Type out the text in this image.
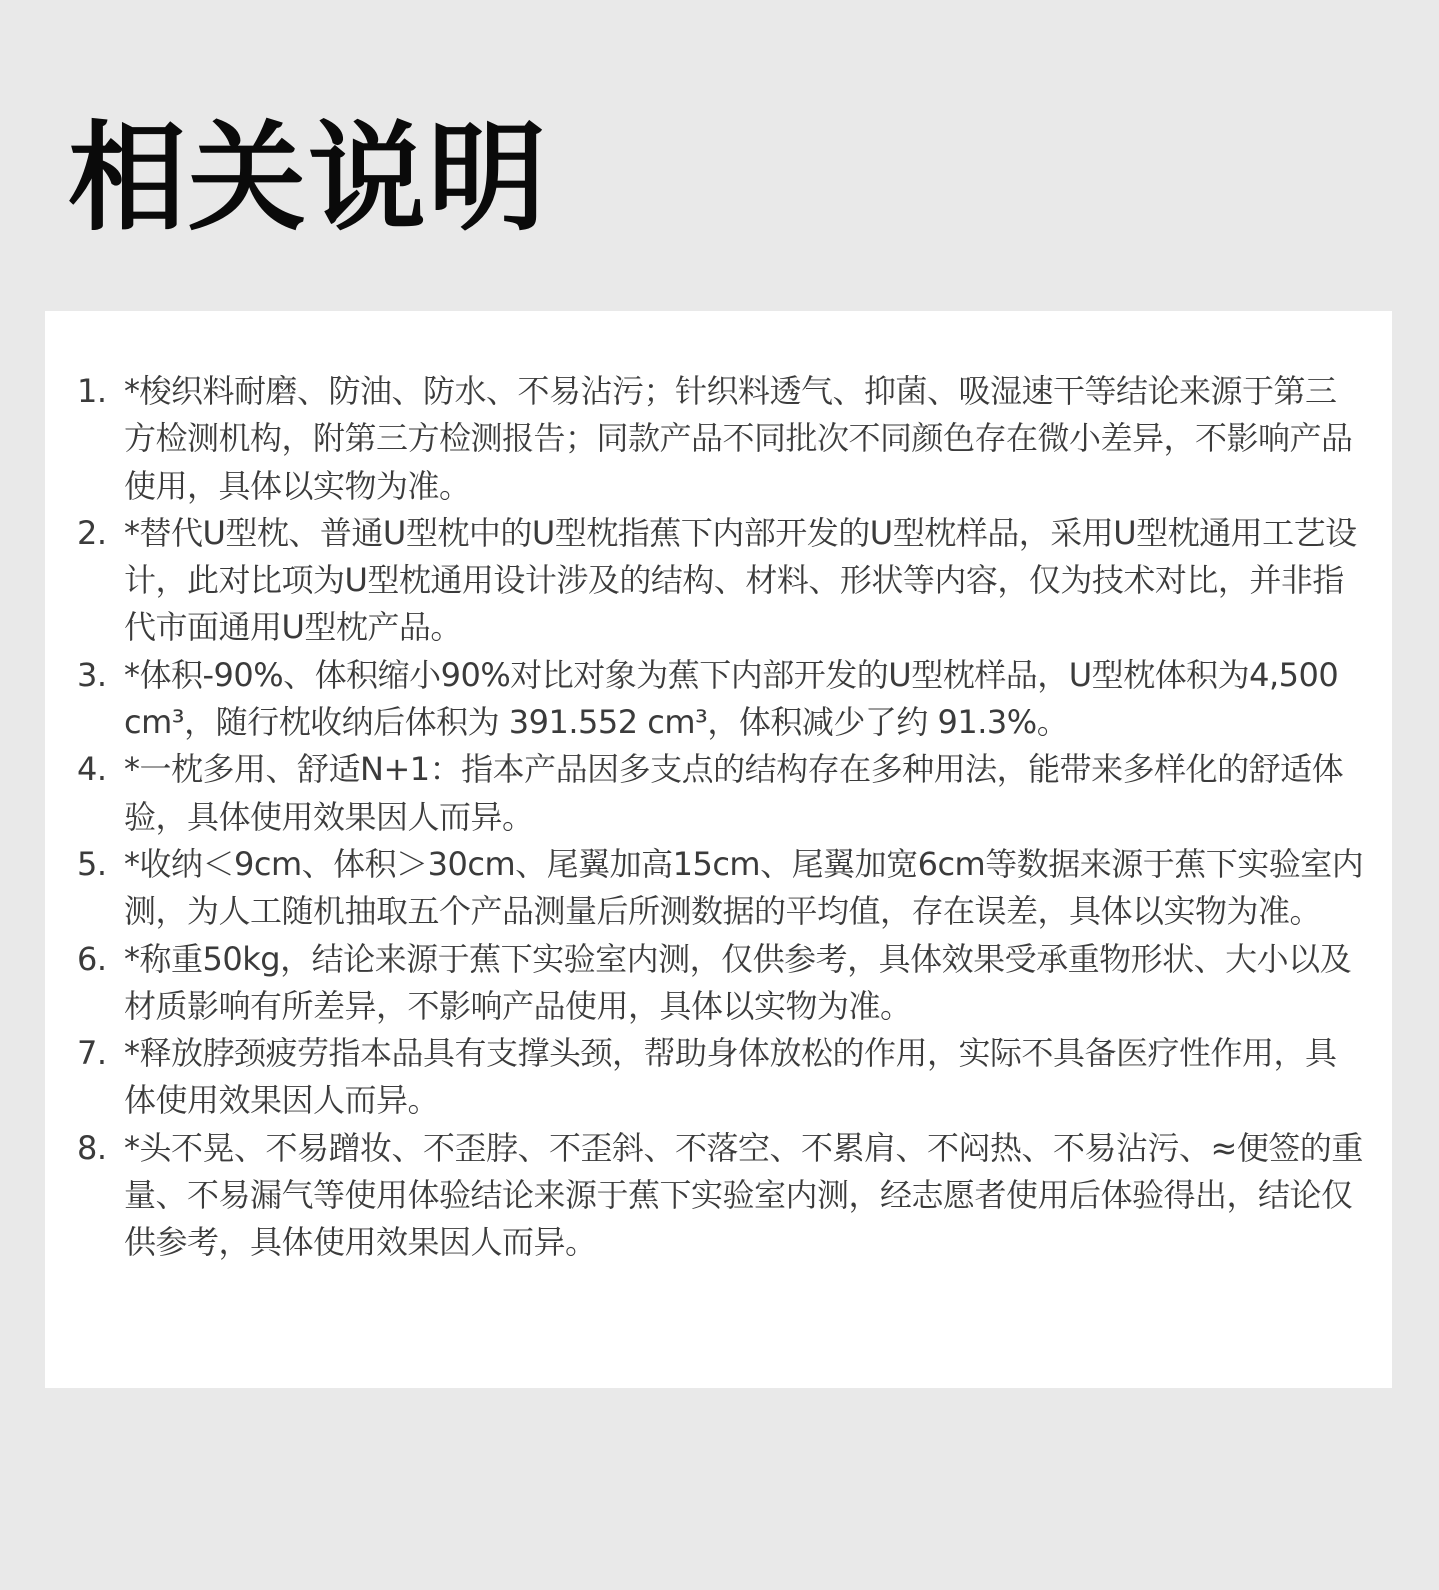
相关说明
1. *梭织料耐磨、防油、防水、不易沾污；针织料透气、抑菌、吸湿速干等结论来源于第三方检测机构，附第三方检测报告；同款产品不同批次不同颜色存在微小差异，不影响产品使用，具体以实物为准。
2. *替代U型枕、普通U型枕中的U型枕指蕉下内部开发的U型枕样品，采用U型枕通用工艺设计，此对比项为U型枕通用设计涉及的结构、材料、形状等内容，仅为技术对比，并非指代市面通用U型枕产品。
3. *体积-90%、体积缩小90%对比对象为蕉下内部开发的U型枕样品，U型枕体积为4,500 cm³，随行枕收纳后体积为 391.552 cm³，体积减少了约 91.3%。
4. *一枕多用、舒适N+1：指本产品因多支点的结构存在多种用法，能带来多样化的舒适体验，具体使用效果因人而异。
5. *收纳＜9cm、体积＞30cm、尾翼加高15cm、尾翼加宽6cm等数据来源于蕉下实验室内测，为人工随机抽取五个产品测量后所测数据的平均值，存在误差，具体以实物为准。
6. *称重50kg，结论来源于蕉下实验室内测，仅供参考，具体效果受承重物形状、大小以及材质影响有所差异，不影响产品使用，具体以实物为准。
7. *释放脖颈疲劳指本品具有支撑头颈，帮助身体放松的作用，实际不具备医疗性作用，具体使用效果因人而异。
8. *头不晃、不易蹭妆、不歪脖、不歪斜、不落空、不累肩、不闷热、不易沾污、≈便签的重量、不易漏气等使用体验结论来源于蕉下实验室内测，经志愿者使用后体验得出，结论仅供参考，具体使用效果因人而异。
